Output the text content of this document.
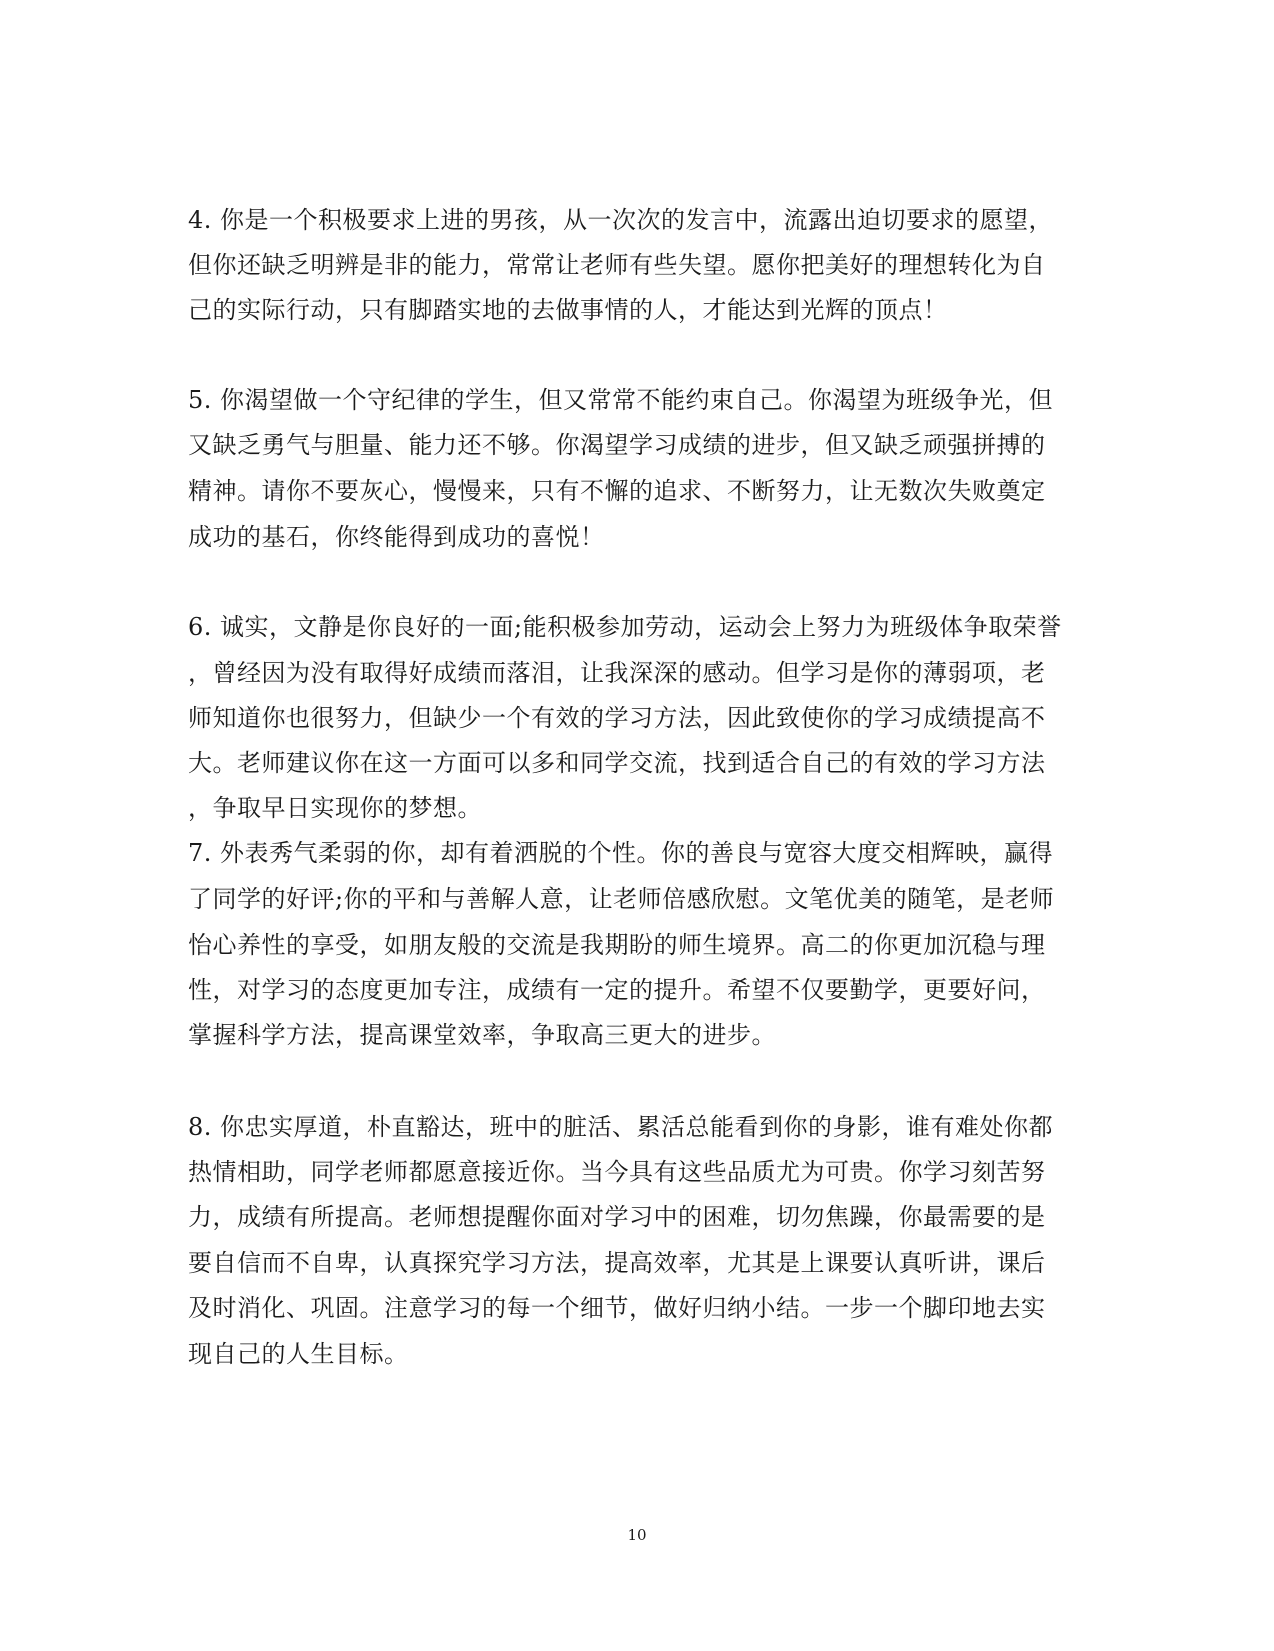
4. 你是一个积极要求上进的男孩，从一次次的发言中，流露出迫切要求的愿望，
但你还缺乏明辨是非的能力，常常让老师有些失望。愿你把美好的理想转化为自
己的实际行动，只有脚踏实地的去做事情的人，才能达到光辉的顶点！
5. 你渴望做一个守纪律的学生，但又常常不能约束自己。你渴望为班级争光，但
又缺乏勇气与胆量、能力还不够。你渴望学习成绩的进步，但又缺乏顽强拼搏的
精神。请你不要灰心，慢慢来，只有不懈的追求、不断努力，让无数次失败奠定
成功的基石，你终能得到成功的喜悦！
6. 诚实，文静是你良好的一面;能积极参加劳动，运动会上努力为班级体争取荣誉
，曾经因为没有取得好成绩而落泪，让我深深的感动。但学习是你的薄弱项，老
师知道你也很努力，但缺少一个有效的学习方法，因此致使你的学习成绩提高不
大。老师建议你在这一方面可以多和同学交流，找到适合自己的有效的学习方法
，争取早日实现你的梦想。
7. 外表秀气柔弱的你，却有着洒脱的个性。你的善良与宽容大度交相辉映，赢得
了同学的好评;你的平和与善解人意，让老师倍感欣慰。文笔优美的随笔，是老师
怡心养性的享受，如朋友般的交流是我期盼的师生境界。高二的你更加沉稳与理
性，对学习的态度更加专注，成绩有一定的提升。希望不仅要勤学，更要好问，
掌握科学方法，提高课堂效率，争取高三更大的进步。
8. 你忠实厚道，朴直豁达，班中的脏活、累活总能看到你的身影，谁有难处你都
热情相助，同学老师都愿意接近你。当今具有这些品质尤为可贵。你学习刻苦努
力，成绩有所提高。老师想提醒你面对学习中的困难，切勿焦躁，你最需要的是
要自信而不自卑，认真探究学习方法，提高效率，尤其是上课要认真听讲，课后
及时消化、巩固。注意学习的每一个细节，做好归纳小结。一步一个脚印地去实
现自己的人生目标。
10
